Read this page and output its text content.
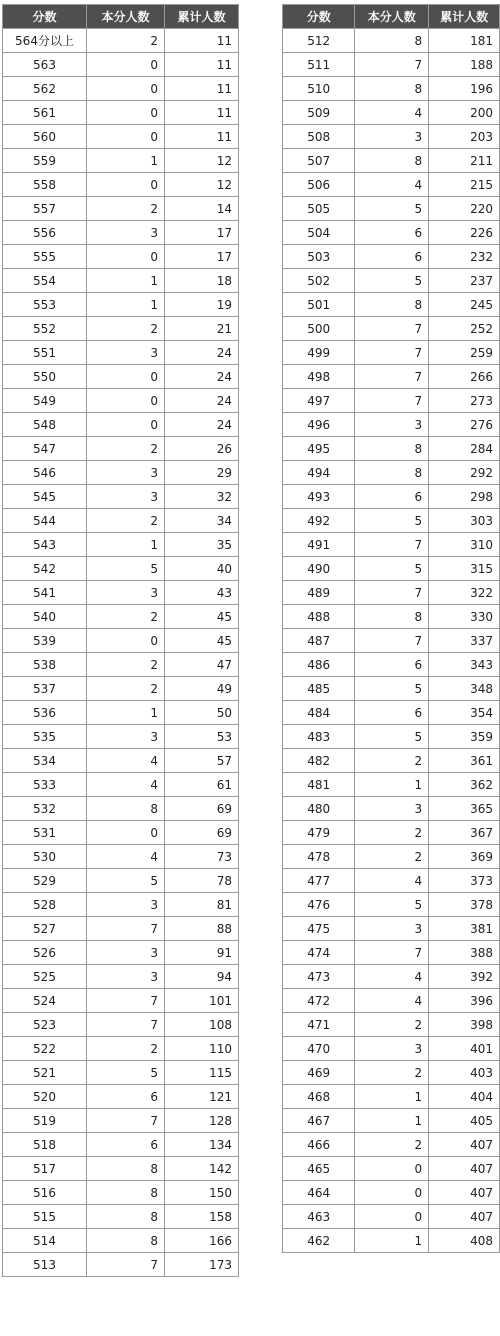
分数	本分人数	累计人数
564分以上	2	11
563	0	11
562	0	11
561	0	11
560	0	11
559	1	12
558	0	12
557	2	14
556	3	17
555	0	17
554	1	18
553	1	19
552	2	21
551	3	24
550	0	24
549	0	24
548	0	24
547	2	26
546	3	29
545	3	32
544	2	34
543	1	35
542	5	40
541	3	43
540	2	45
539	0	45
538	2	47
537	2	49
536	1	50
535	3	53
534	4	57
533	4	61
532	8	69
531	0	69
530	4	73
529	5	78
528	3	81
527	7	88
526	3	91
525	3	94
524	7	101
523	7	108
522	2	110
521	5	115
520	6	121
519	7	128
518	6	134
517	8	142
516	8	150
515	8	158
514	8	166
513	7	173
分数	本分人数	累计人数
512	8	181
511	7	188
510	8	196
509	4	200
508	3	203
507	8	211
506	4	215
505	5	220
504	6	226
503	6	232
502	5	237
501	8	245
500	7	252
499	7	259
498	7	266
497	7	273
496	3	276
495	8	284
494	8	292
493	6	298
492	5	303
491	7	310
490	5	315
489	7	322
488	8	330
487	7	337
486	6	343
485	5	348
484	6	354
483	5	359
482	2	361
481	1	362
480	3	365
479	2	367
478	2	369
477	4	373
476	5	378
475	3	381
474	7	388
473	4	392
472	4	396
471	2	398
470	3	401
469	2	403
468	1	404
467	1	405
466	2	407
465	0	407
464	0	407
463	0	407
462	1	408
